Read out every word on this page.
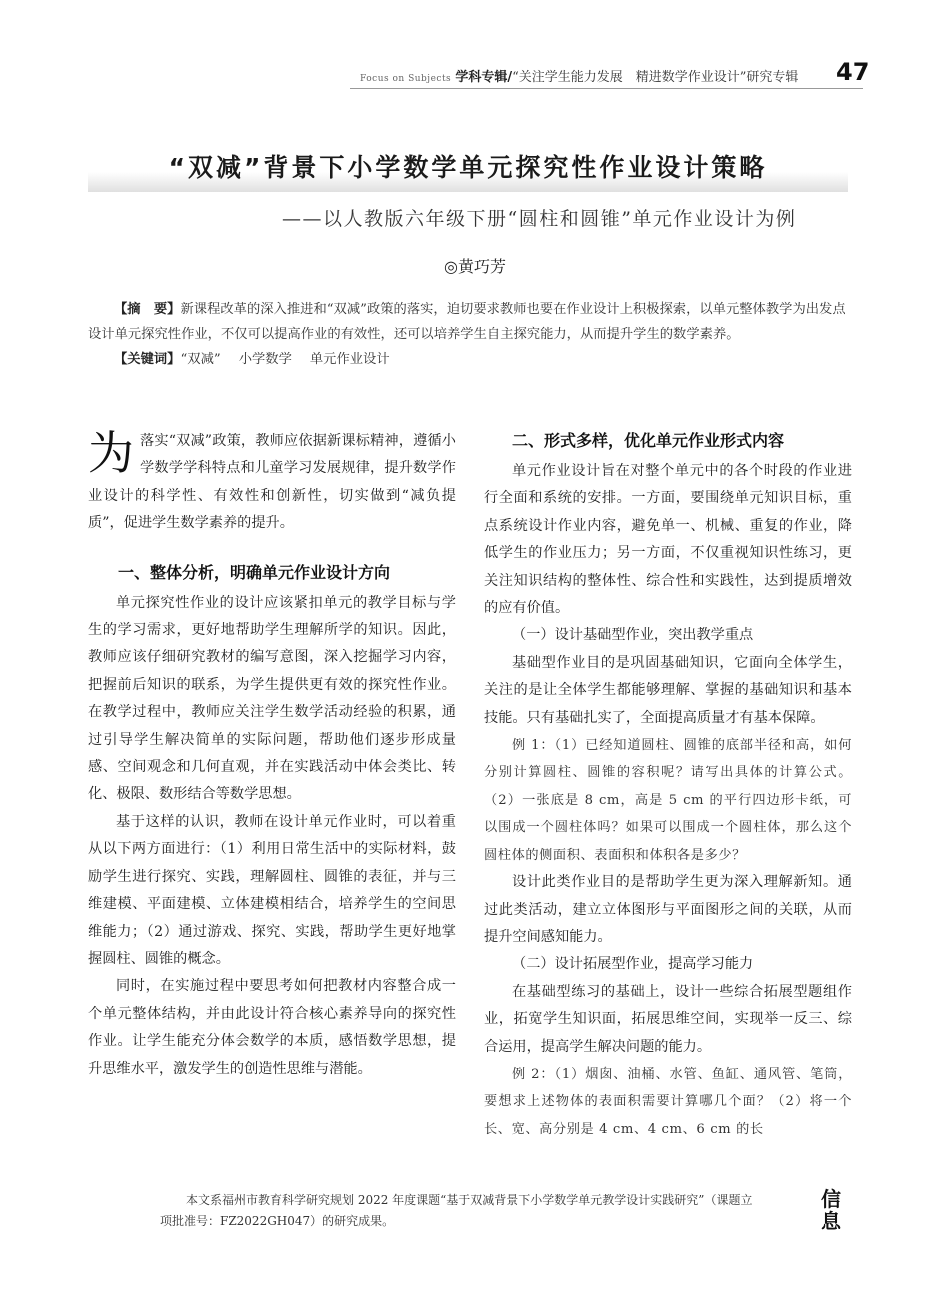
Focus on Subjects 学科专辑/“关注学生能力发展　精进数学作业设计”研究专辑 47
“双减”背景下小学数学单元探究性作业设计策略
——以人教版六年级下册“圆柱和圆锥”单元作业设计为例
◎黄巧芳

【摘　要】新课程改革的深入推进和“双减”政策的落实，迫切要求教师也要在作业设计上积极探索，以单元整体教学为出发点设计单元探究性作业，不仅可以提高作业的有效性，还可以培养学生自主探究能力，从而提升学生的数学素养。

【关键词】“双减” 小学数学 单元作业设计

为落实“双减”政策，教师应依据新课标精神，遵循小学数学学科特点和儿童学习发展规律，提升数学作业设计的科学性、有效性和创新性，切实做到“减负提质”，促进学生数学素养的提升。

一、整体分析，明确单元作业设计方向

单元探究性作业的设计应该紧扣单元的教学目标与学生的学习需求，更好地帮助学生理解所学的知识。因此，教师应该仔细研究教材的编写意图，深入挖掘学习内容，把握前后知识的联系，为学生提供更有效的探究性作业。在教学过程中，教师应关注学生数学活动经验的积累，通过引导学生解决简单的实际问题，帮助他们逐步形成量感、空间观念和几何直观，并在实践活动中体会类比、转化、极限、数形结合等数学思想。

基于这样的认识，教师在设计单元作业时，可以着重从以下两方面进行：（1）利用日常生活中的实际材料，鼓励学生进行探究、实践，理解圆柱、圆锥的表征，并与三维建模、平面建模、立体建模相结合，培养学生的空间思维能力；（2）通过游戏、探究、实践，帮助学生更好地掌握圆柱、圆锥的概念。

同时，在实施过程中要思考如何把教材内容整合成一个单元整体结构，并由此设计符合核心素养导向的探究性作业。让学生能充分体会数学的本质，感悟数学思想，提升思维水平，激发学生的创造性思维与潜能。

二、形式多样，优化单元作业形式内容

单元作业设计旨在对整个单元中的各个时段的作业进行全面和系统的安排。一方面，要围绕单元知识目标，重点系统设计作业内容，避免单一、机械、重复的作业，降低学生的作业压力；另一方面，不仅重视知识性练习，更关注知识结构的整体性、综合性和实践性，达到提质增效的应有价值。

（一）设计基础型作业，突出教学重点

基础型作业目的是巩固基础知识，它面向全体学生，关注的是让全体学生都能够理解、掌握的基础知识和基本技能。只有基础扎实了，全面提高质量才有基本保障。

例 1：（1）已经知道圆柱、圆锥的底部半径和高，如何分别计算圆柱、圆锥的容积呢？请写出具体的计算公式。（2）一张底是 8 cm，高是 5 cm 的平行四边形卡纸，可以围成一个圆柱体吗？如果可以围成一个圆柱体，那么这个圆柱体的侧面积、表面积和体积各是多少？

设计此类作业目的是帮助学生更为深入理解新知。通过此类活动，建立立体图形与平面图形之间的关联，从而提升空间感知能力。

（二）设计拓展型作业，提高学习能力

在基础型练习的基础上，设计一些综合拓展型题组作业，拓宽学生知识面，拓展思维空间，实现举一反三、综合运用，提高学生解决问题的能力。

例 2：（1）烟囱、油桶、水管、鱼缸、通风管、笔筒，要想求上述物体的表面积需要计算哪几个面？（2）将一个长、宽、高分别是 4 cm、4 cm、6 cm 的长

本文系福州市教育科学研究规划 2022 年度课题“基于双减背景下小学数学单元教学设计实践研究”（课题立

项批准号：FZ2022GH047）的研究成果。

信
息
